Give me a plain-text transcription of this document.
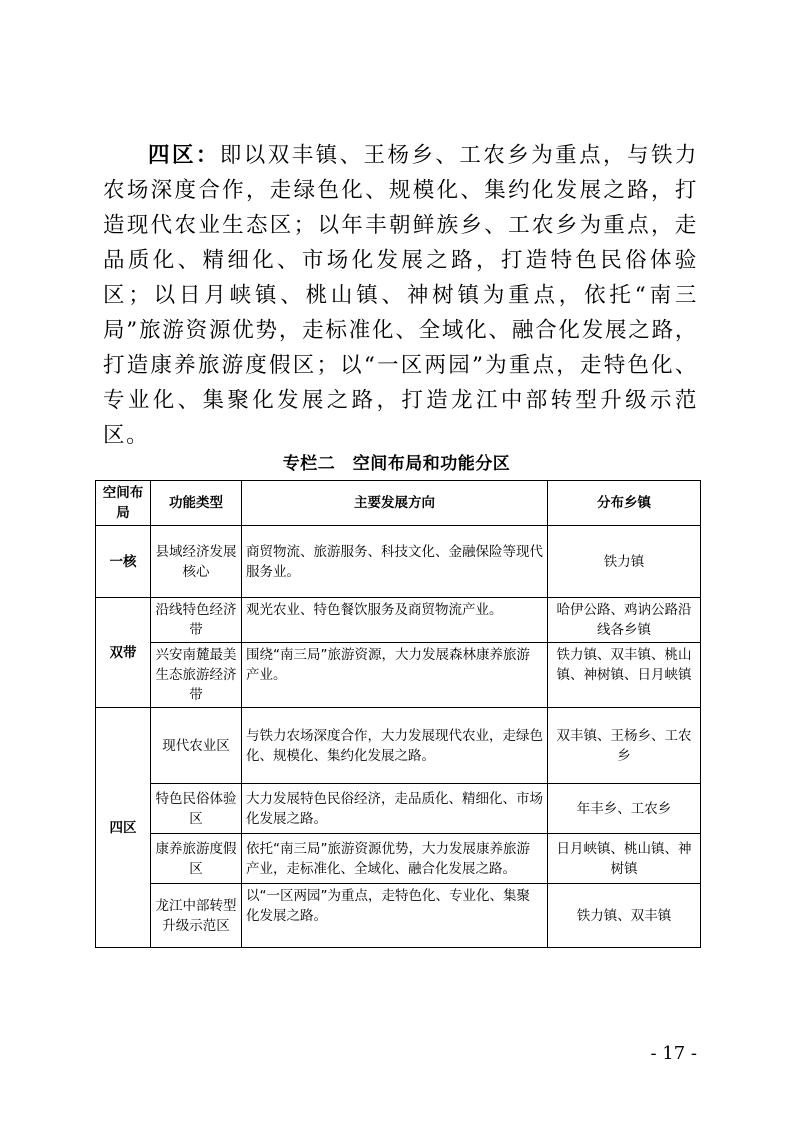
四区：即以双丰镇、王杨乡、工农乡为重点，与铁力农场深度合作，走绿色化、规模化、集约化发展之路，打造现代农业生态区；以年丰朝鲜族乡、工农乡为重点，走品质化、精细化、市场化发展之路，打造特色民俗体验区；以日月峡镇、桃山镇、神树镇为重点，依托“南三局”旅游资源优势，走标准化、全域化、融合化发展之路，打造康养旅游度假区；以“一区两园”为重点，走特色化、专业化、集聚化发展之路，打造龙江中部转型升级示范区。

专栏二　空间布局和功能分区
空间布局	功能类型	主要发展方向	分布乡镇
一核	县域经济发展核心	商贸物流、旅游服务、科技文化、金融保险等现代服务业。	铁力镇
双带	沿线特色经济带	观光农业、特色餐饮服务及商贸物流产业。	哈伊公路、鸡讷公路沿线各乡镇
	兴安南麓最美生态旅游经济带	围绕“南三局”旅游资源，大力发展森林康养旅游产业。	铁力镇、双丰镇、桃山镇、神树镇、日月峡镇
四区	现代农业区	与铁力农场深度合作，大力发展现代农业，走绿色化、规模化、集约化发展之路。	双丰镇、王杨乡、工农乡
	特色民俗体验区	大力发展特色民俗经济，走品质化、精细化、市场化发展之路。	年丰乡、工农乡
	康养旅游度假区	依托“南三局”旅游资源优势，大力发展康养旅游产业，走标准化、全域化、融合化发展之路。	日月峡镇、桃山镇、神树镇
	龙江中部转型升级示范区	以“一区两园”为重点，走特色化、专业化、集聚化发展之路。	铁力镇、双丰镇
- 17 -
